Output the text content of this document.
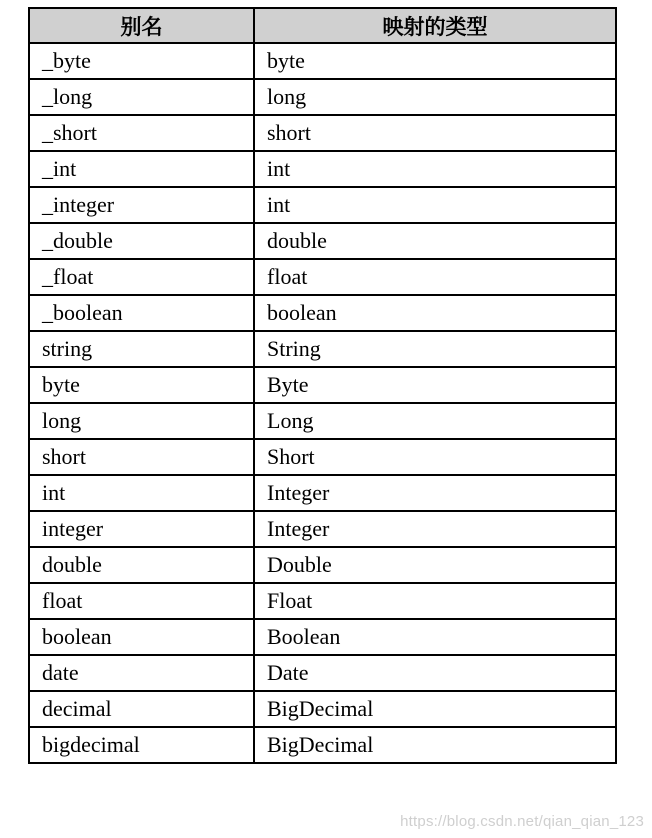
别名	映射的类型
_byte	byte
_long	long
_short	short
_int	int
_integer	int
_double	double
_float	float
_boolean	boolean
string	String
byte	Byte
long	Long
short	Short
int	Integer
integer	Integer
double	Double
float	Float
boolean	Boolean
date	Date
decimal	BigDecimal
bigdecimal	BigDecimal
https://blog.csdn.net/qian_qian_123
